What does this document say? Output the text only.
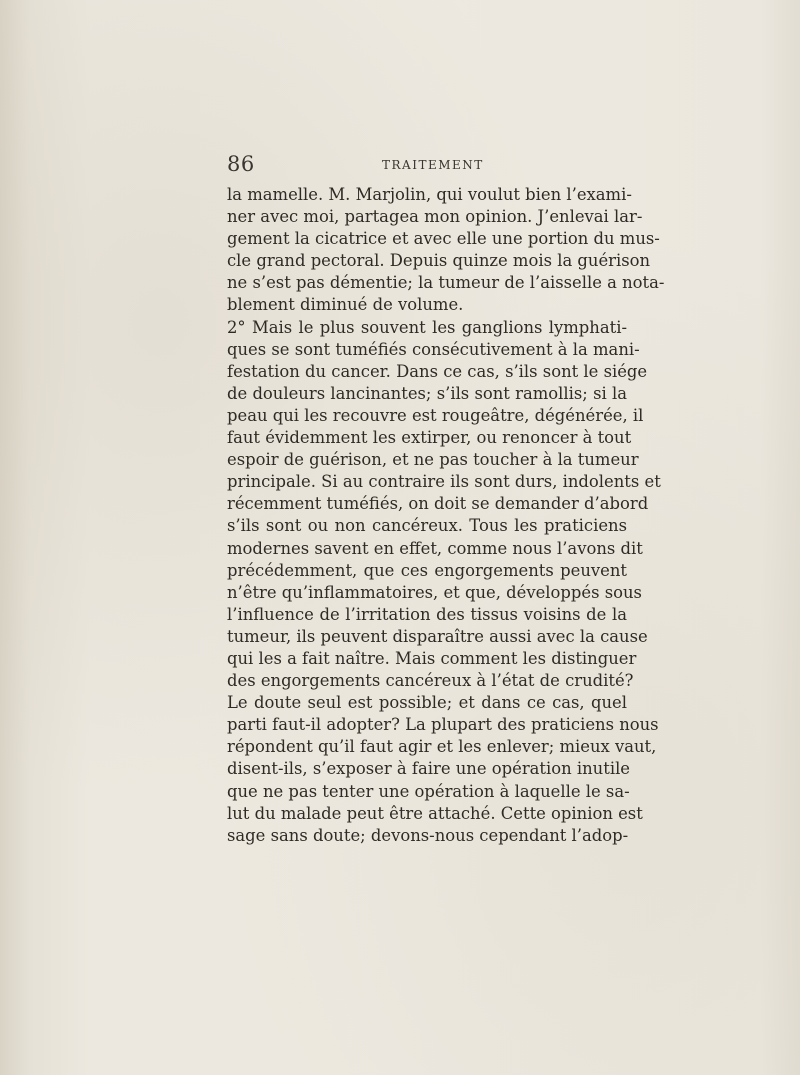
86	TRAITEMENT
la mamelle. M. Marjolin, qui voulut bien l’exami-
ner avec moi, partagea mon opinion. J’enlevai lar-
gement la cicatrice et avec elle une portion du mus-
cle grand pectoral. Depuis quinze mois la guérison
ne s’est pas démentie; la tumeur de l’aisselle a nota-
blement diminué de volume.
2° Mais le plus souvent les ganglions lymphati-
ques se sont tuméfiés consécutivement à la mani-
festation du cancer. Dans ce cas, s’ils sont le siége
de douleurs lancinantes; s’ils sont ramollis; si la
peau qui les recouvre est rougeâtre, dégénérée, il
faut évidemment les extirper, ou renoncer à tout
espoir de guérison, et ne pas toucher à la tumeur
principale. Si au contraire ils sont durs, indolents et
récemment tuméfiés, on doit se demander d’abord
s’ils sont ou non cancéreux. Tous les praticiens
modernes savent en effet, comme nous l’avons dit
précédemment, que ces engorgements peuvent
n’être qu’inflammatoires, et que, développés sous
l’influence de l’irritation des tissus voisins de la
tumeur, ils peuvent disparaître aussi avec la cause
qui les a fait naître. Mais comment les distinguer
des engorgements cancéreux à l’état de crudité?
Le doute seul est possible; et dans ce cas, quel
parti faut-il adopter? La plupart des praticiens nous
répondent qu’il faut agir et les enlever; mieux vaut,
disent-ils, s’exposer à faire une opération inutile
que ne pas tenter une opération à laquelle le sa-
lut du malade peut être attaché. Cette opinion est
sage sans doute; devons-nous cependant l’adop-
